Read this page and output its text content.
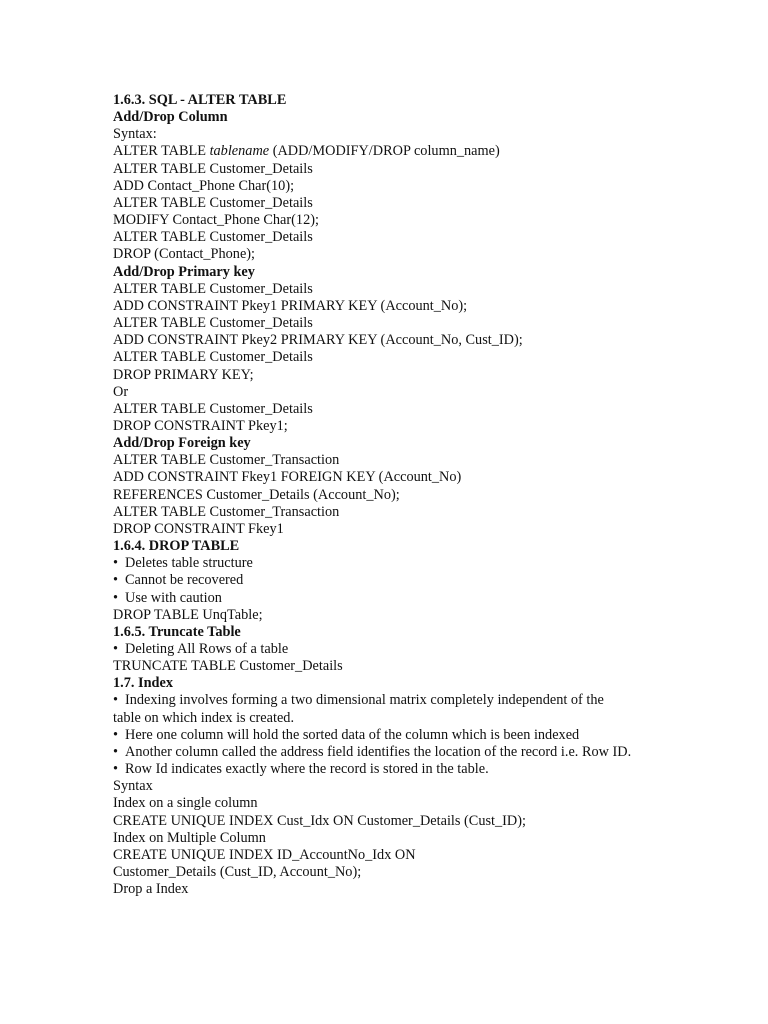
1.6.3. SQL - ALTER TABLE

Add/Drop Column

Syntax:

ALTER TABLE tablename (ADD/MODIFY/DROP column_name)

ALTER TABLE Customer_Details

ADD Contact_Phone Char(10);

ALTER TABLE Customer_Details

MODIFY Contact_Phone Char(12);

ALTER TABLE Customer_Details

DROP (Contact_Phone);

Add/Drop Primary key

ALTER TABLE Customer_Details

ADD CONSTRAINT Pkey1 PRIMARY KEY (Account_No);

ALTER TABLE Customer_Details

ADD CONSTRAINT Pkey2 PRIMARY KEY (Account_No, Cust_ID);

ALTER TABLE Customer_Details

DROP PRIMARY KEY;

Or

ALTER TABLE Customer_Details

DROP CONSTRAINT Pkey1;

Add/Drop Foreign key

ALTER TABLE Customer_Transaction

ADD CONSTRAINT Fkey1 FOREIGN KEY (Account_No)

REFERENCES Customer_Details (Account_No);

ALTER TABLE Customer_Transaction

DROP CONSTRAINT Fkey1

1.6.4. DROP TABLE

• Deletes table structure

• Cannot be recovered

• Use with caution

DROP TABLE UnqTable;

1.6.5. Truncate Table

• Deleting All Rows of a table

TRUNCATE TABLE Customer_Details

1.7. Index

• Indexing involves forming a two dimensional matrix completely independent of the table on which index is created.

• Here one column will hold the sorted data of the column which is been indexed

• Another column called the address field identifies the location of the record i.e. Row ID.

• Row Id indicates exactly where the record is stored in the table.

Syntax

Index on a single column

CREATE UNIQUE INDEX Cust_Idx ON Customer_Details (Cust_ID);

Index on Multiple Column

CREATE UNIQUE INDEX ID_AccountNo_Idx ON

Customer_Details (Cust_ID, Account_No);

Drop a Index
